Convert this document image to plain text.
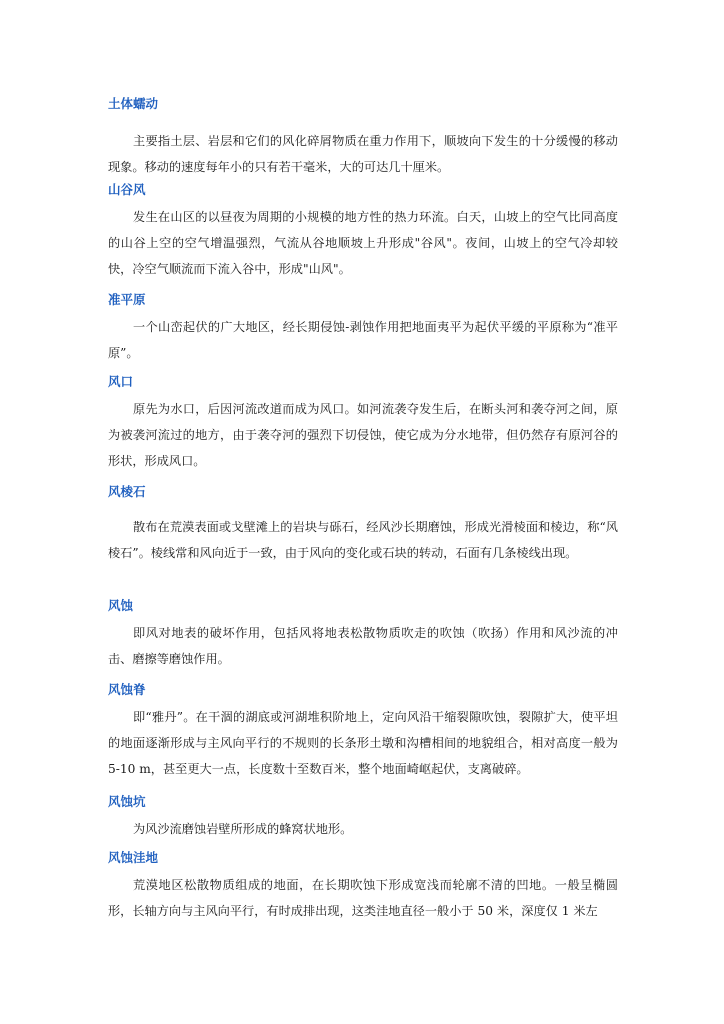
土体蠕动

主要指土层、岩层和它们的风化碎屑物质在重力作用下，顺坡向下发生的十分缓慢的移动现象。移动的速度每年小的只有若干毫米，大的可达几十厘米。

山谷风

发生在山区的以昼夜为周期的小规模的地方性的热力环流。白天，山坡上的空气比同高度的山谷上空的空气增温强烈，气流从谷地顺坡上升形成"谷风"。夜间，山坡上的空气冷却较快，冷空气顺流而下流入谷中，形成"山风"。

准平原

一个山峦起伏的广大地区，经长期侵蚀-剥蚀作用把地面夷平为起伏平缓的平原称为“准平原”。

风口

原先为水口，后因河流改道而成为风口。如河流袭夺发生后，在断头河和袭夺河之间，原为被袭河流过的地方，由于袭夺河的强烈下切侵蚀，使它成为分水地带，但仍然存有原河谷的形状，形成风口。

风棱石

散布在荒漠表面或戈壁滩上的岩块与砾石，经风沙长期磨蚀，形成光滑棱面和棱边，称“风棱石”。棱线常和风向近于一致，由于风向的变化或石块的转动，石面有几条棱线出现。

风蚀

即风对地表的破坏作用，包括风将地表松散物质吹走的吹蚀（吹扬）作用和风沙流的冲击、磨擦等磨蚀作用。

风蚀脊

即“雅丹”。在干涸的湖底或河湖堆积阶地上，定向风沿干缩裂隙吹蚀，裂隙扩大，使平坦的地面逐渐形成与主风向平行的不规则的长条形土墩和沟槽相间的地貌组合，相对高度一般为 5-10 m，甚至更大一点，长度数十至数百米，整个地面崎岖起伏，支离破碎。

风蚀坑

为风沙流磨蚀岩壁所形成的蜂窝状地形。

风蚀洼地

荒漠地区松散物质组成的地面，在长期吹蚀下形成宽浅而轮廓不清的凹地。一般呈椭圆形，长轴方向与主风向平行，有时成排出现，这类洼地直径一般小于 50 米，深度仅 1 米左
